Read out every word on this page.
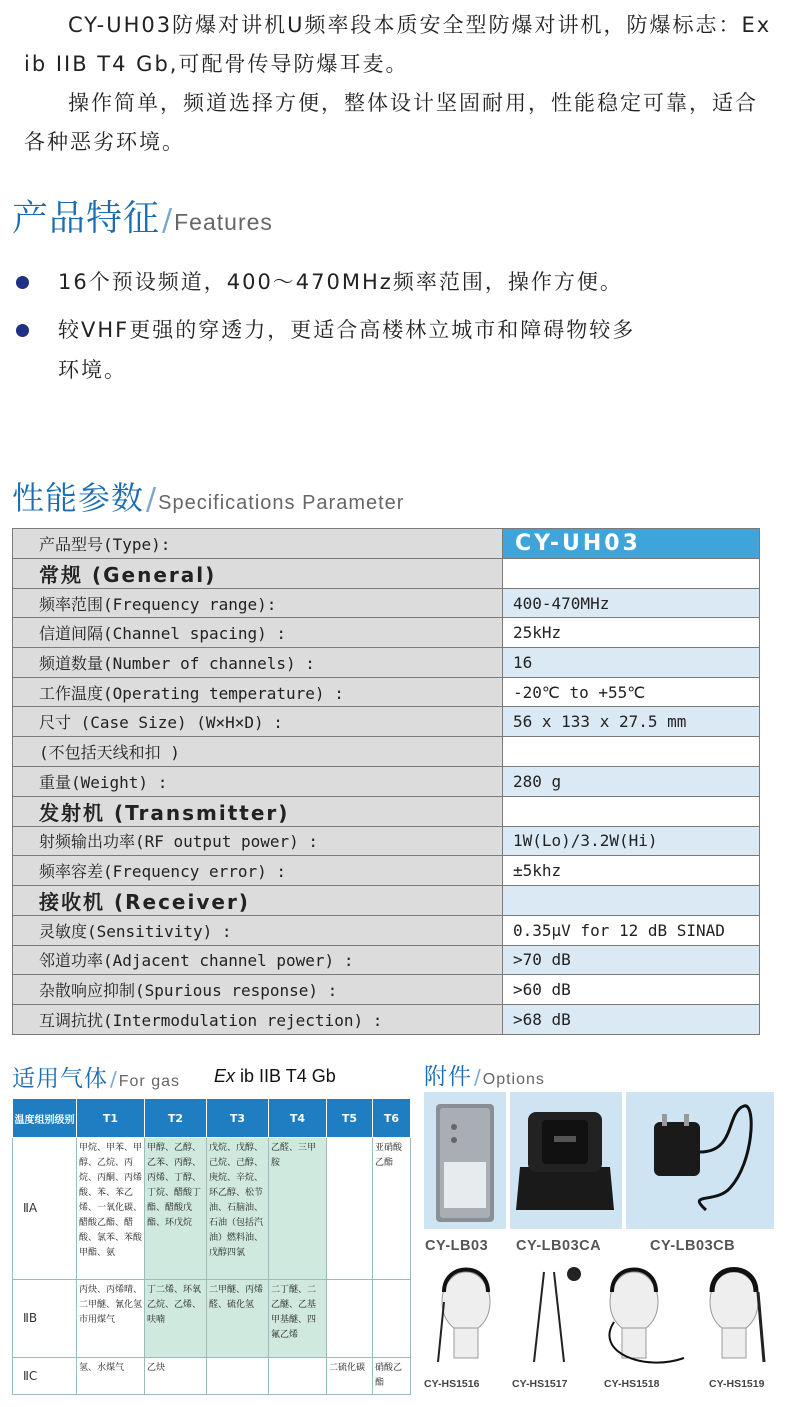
CY-UH03防爆对讲机U频率段本质安全型防爆对讲机，防爆标志：Ex ib IIB T4 Gb,可配骨传导防爆耳麦。

操作简单，频道选择方便，整体设计坚固耐用，性能稳定可靠，适合各种恶劣环境。

产品特征/Features
16个预设频道，400～470MHz频率范围，操作方便。
较VHF更强的穿透力，更适合高楼林立城市和障碍物较多环境。
性能参数/ Specifications Parameter
产品型号(Type):	CY-UH03
常规 (General)	
频率范围(Frequency range):	400-470MHz
信道间隔(Channel spacing) :	25kHz
频道数量(Number of channels) :	16
工作温度(Operating temperature) :	-20℃ to +55℃
尺寸 (Case Size) (W×H×D) :	56 x 133 x 27.5 mm
(不包括天线和扣 )	
重量(Weight) :	280 g
发射机 (Transmitter)	
射频输出功率(RF output power) :	1W(Lo)/3.2W(Hi)
频率容差(Frequency error) :	±5khz
接收机 (Receiver)	
灵敏度(Sensitivity) :	0.35μV for 12 dB SINAD
邻道功率(Adjacent channel power) :	>70 dB
杂散响应抑制(Spurious response) :	>60 dB
互调抗扰(Intermodulation rejection) :	>68 dB
适用气体 / For gas Ex ib IIB T4 Gb
温度组别级别	T1	T2	T3	T4	T5	T6
ⅡA	甲烷、甲苯、甲醇、乙烷、丙烷、丙酮、丙烯酸、苯、苯乙烯、一氧化碳、醋酸乙酯、醋酸、氯苯、苯酸甲酯、氨	甲醇、乙醇、乙苯、丙醇、丙烯、丁醇、丁烷、醋酸丁酯、醋酸戊酯、环戊烷	戊烷、戊醇、己烷、己醇、庚烷、辛烷、环乙醇、松节油、石脑油、石油（包括汽油）燃料油、戊醇四氯	乙醛、三甲胺		亚硝酸乙酯
ⅡB	丙炔、丙烯晴、二甲醚、氰化氢市用煤气	丁二烯、环氧乙烷、乙烯、呋喃	二甲醚、丙烯醛、硫化氢	二丁醚、二乙醚、乙基甲基醚、四氟乙烯		
ⅡC	氢、水煤气	乙炔			二硫化碳	硝酸乙酯
附件 / Options
CY-LB03 CY-LB03CA	CY-LB03CB
CY-HS1516	CY-HS1517	CY-HS1518	CY-HS1519
